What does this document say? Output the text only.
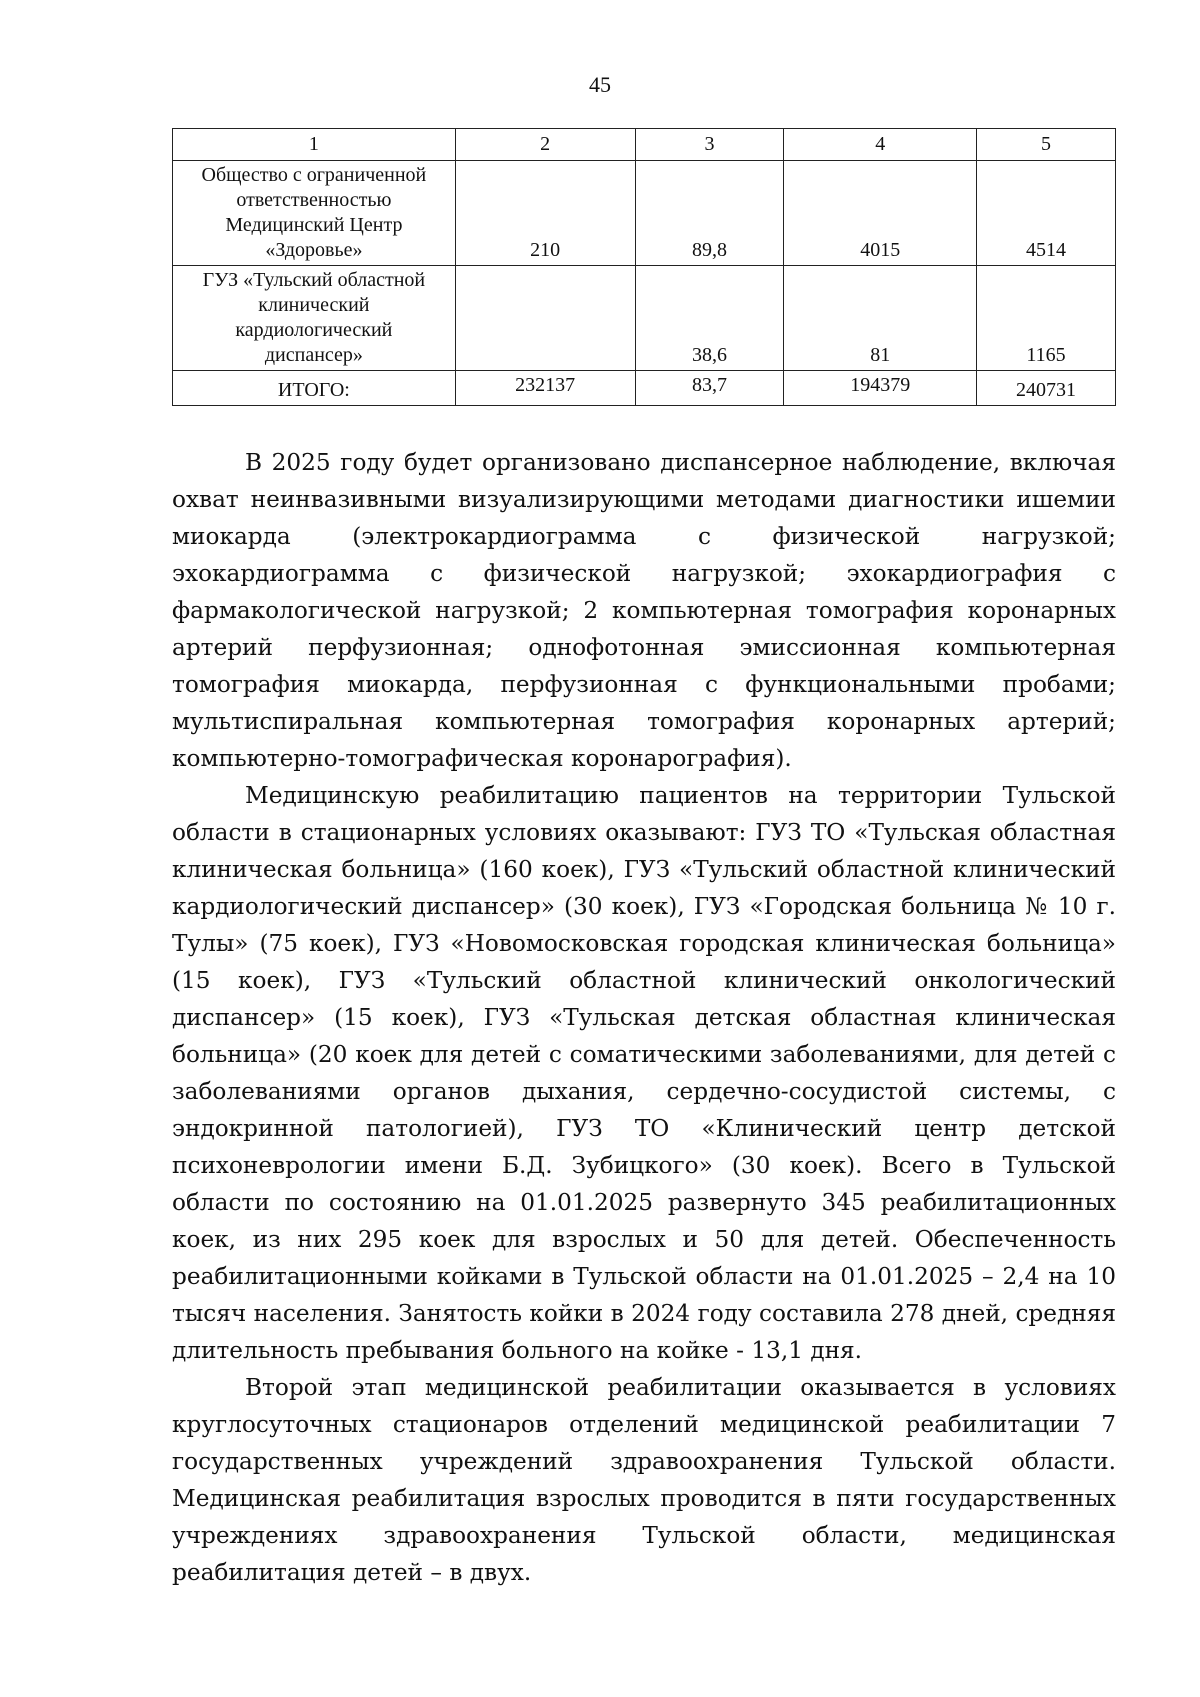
45
1	2	3	4	5

Общество с ограниченной
ответственностью
Медицинский Центр
«Здоровье»	210	89,8	4015	4514

ГУЗ «Тульский областной
клинический
кардиологический
диспансер»		38,6	81	1165
ИТОГО:	232137	83,7	194379	240731

В 2025 году будет организовано диспансерное наблюдение, включая охват неинвазивными визуализирующими методами диагностики ишемии миокарда (электрокардиограмма с физической нагрузкой; эхокардиограмма с физической нагрузкой; эхокардиография с фармакологической нагрузкой; 2 компьютерная томография коронарных артерий перфузионная; однофотонная эмиссионная компьютерная томография миокарда, перфузионная с функциональными пробами; мультиспиральная компьютерная томография коронарных артерий; компьютерно-томографическая коронарография).

Медицинскую реабилитацию пациентов на территории Тульской области в стационарных условиях оказывают: ГУЗ ТО «Тульская областная клиническая больница» (160 коек), ГУЗ «Тульский областной клинический кардиологический диспансер» (30 коек), ГУЗ «Городская больница № 10 г. Тулы» (75 коек), ГУЗ «Новомосковская городская клиническая больница» (15 коек), ГУЗ «Тульский областной клинический онкологический диспансер» (15 коек), ГУЗ «Тульская детская областная клиническая больница» (20 коек для детей с соматическими заболеваниями, для детей с заболеваниями органов дыхания, сердечно-сосудистой системы, с эндокринной патологией), ГУЗ ТО «Клинический центр детской психоневрологии имени Б.Д. Зубицкого» (30 коек). Всего в Тульской области по состоянию на 01.01.2025 развернуто 345 реабилитационных коек, из них 295 коек для взрослых и 50 для детей. Обеспеченность реабилитационными койками в Тульской области на 01.01.2025 – 2,4 на 10 тысяч населения. Занятость койки в 2024 году составила 278 дней, средняя длительность пребывания больного на койке - 13,1 дня.

Второй этап медицинской реабилитации оказывается в условиях круглосуточных стационаров отделений медицинской реабилитации 7 государственных учреждений здравоохранения Тульской области. Медицинская реабилитация взрослых проводится в пяти государственных учреждениях здравоохранения Тульской области, медицинская реабилитация детей – в двух.
